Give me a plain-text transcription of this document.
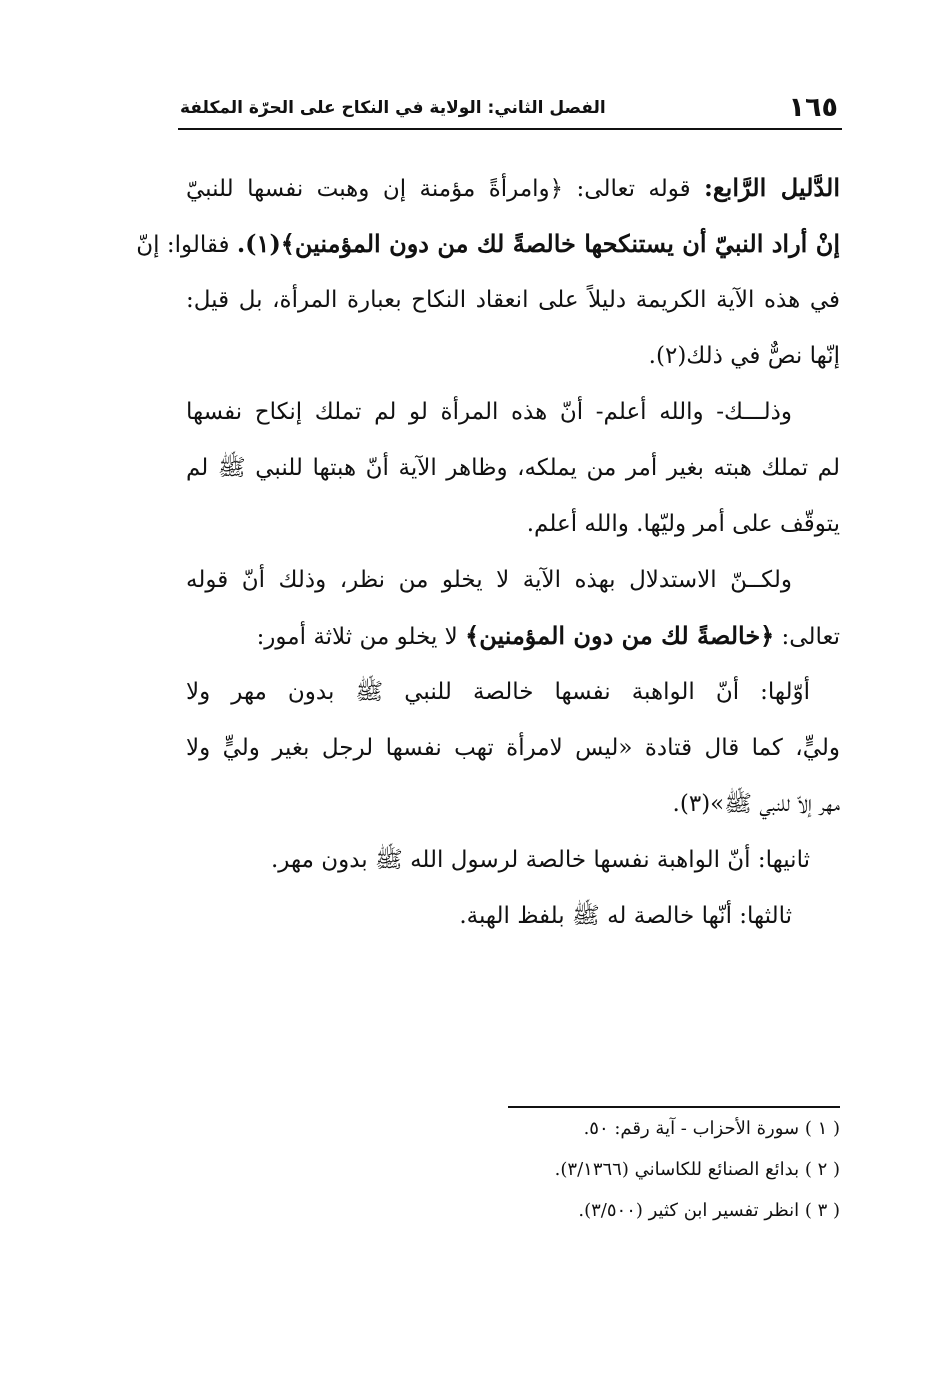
١٦٥
الفصل الثاني: الولاية في النكاح على الحرّة المكلفة
الدَّليل الرَّابع: قوله تعالى: ﴿وامرأةً مؤمنة إن وهبت نفسها للنبيّ
إنْ أراد النبيّ أن يستنكحها خالصةً لك من دون المؤمنين﴾(١). فقالوا: إنّ
في هذه الآية الكريمة دليلاً على انعقاد النكاح بعبارة المرأة، بل قيل:
إنّها نصٌّ في ذلك(٢).
وذلـــك- والله أعلم- أنّ هذه المرأة لو لم تملك إنكاح نفسها
لم تملك هبته بغير أمر من يملكه، وظاهر الآية أنّ هبتها للنبي ﷺ لم
يتوقّف على أمر وليّها. والله أعلم.
ولكــنّ الاستدلال بهذه الآية لا يخلو من نظر، وذلك أنّ قوله
تعالى: ﴿خالصةً لك من دون المؤمنين﴾ لا يخلو من ثلاثة أمور:
أوّلها: أنّ الواهبة نفسها خالصة للنبي ﷺ بدون مهر ولا
وليٍّ، كما قال قتادة «ليس لامرأة تهب نفسها لرجل بغير وليٍّ ولا
مهر إلاّ للنبي ﷺ»(٣).
ثانيها: أنّ الواهبة نفسها خالصة لرسول الله ﷺ بدون مهر.
ثالثها: أنّها خالصة له ﷺ بلفظ الهبة.
( ١ ) سورة الأحزاب - آية رقم: ٥٠.
( ٢ ) بدائع الصنائع للكاساني (٣/١٣٦٦).
( ٣ ) انظر تفسير ابن كثير (٣/٥٠٠).
